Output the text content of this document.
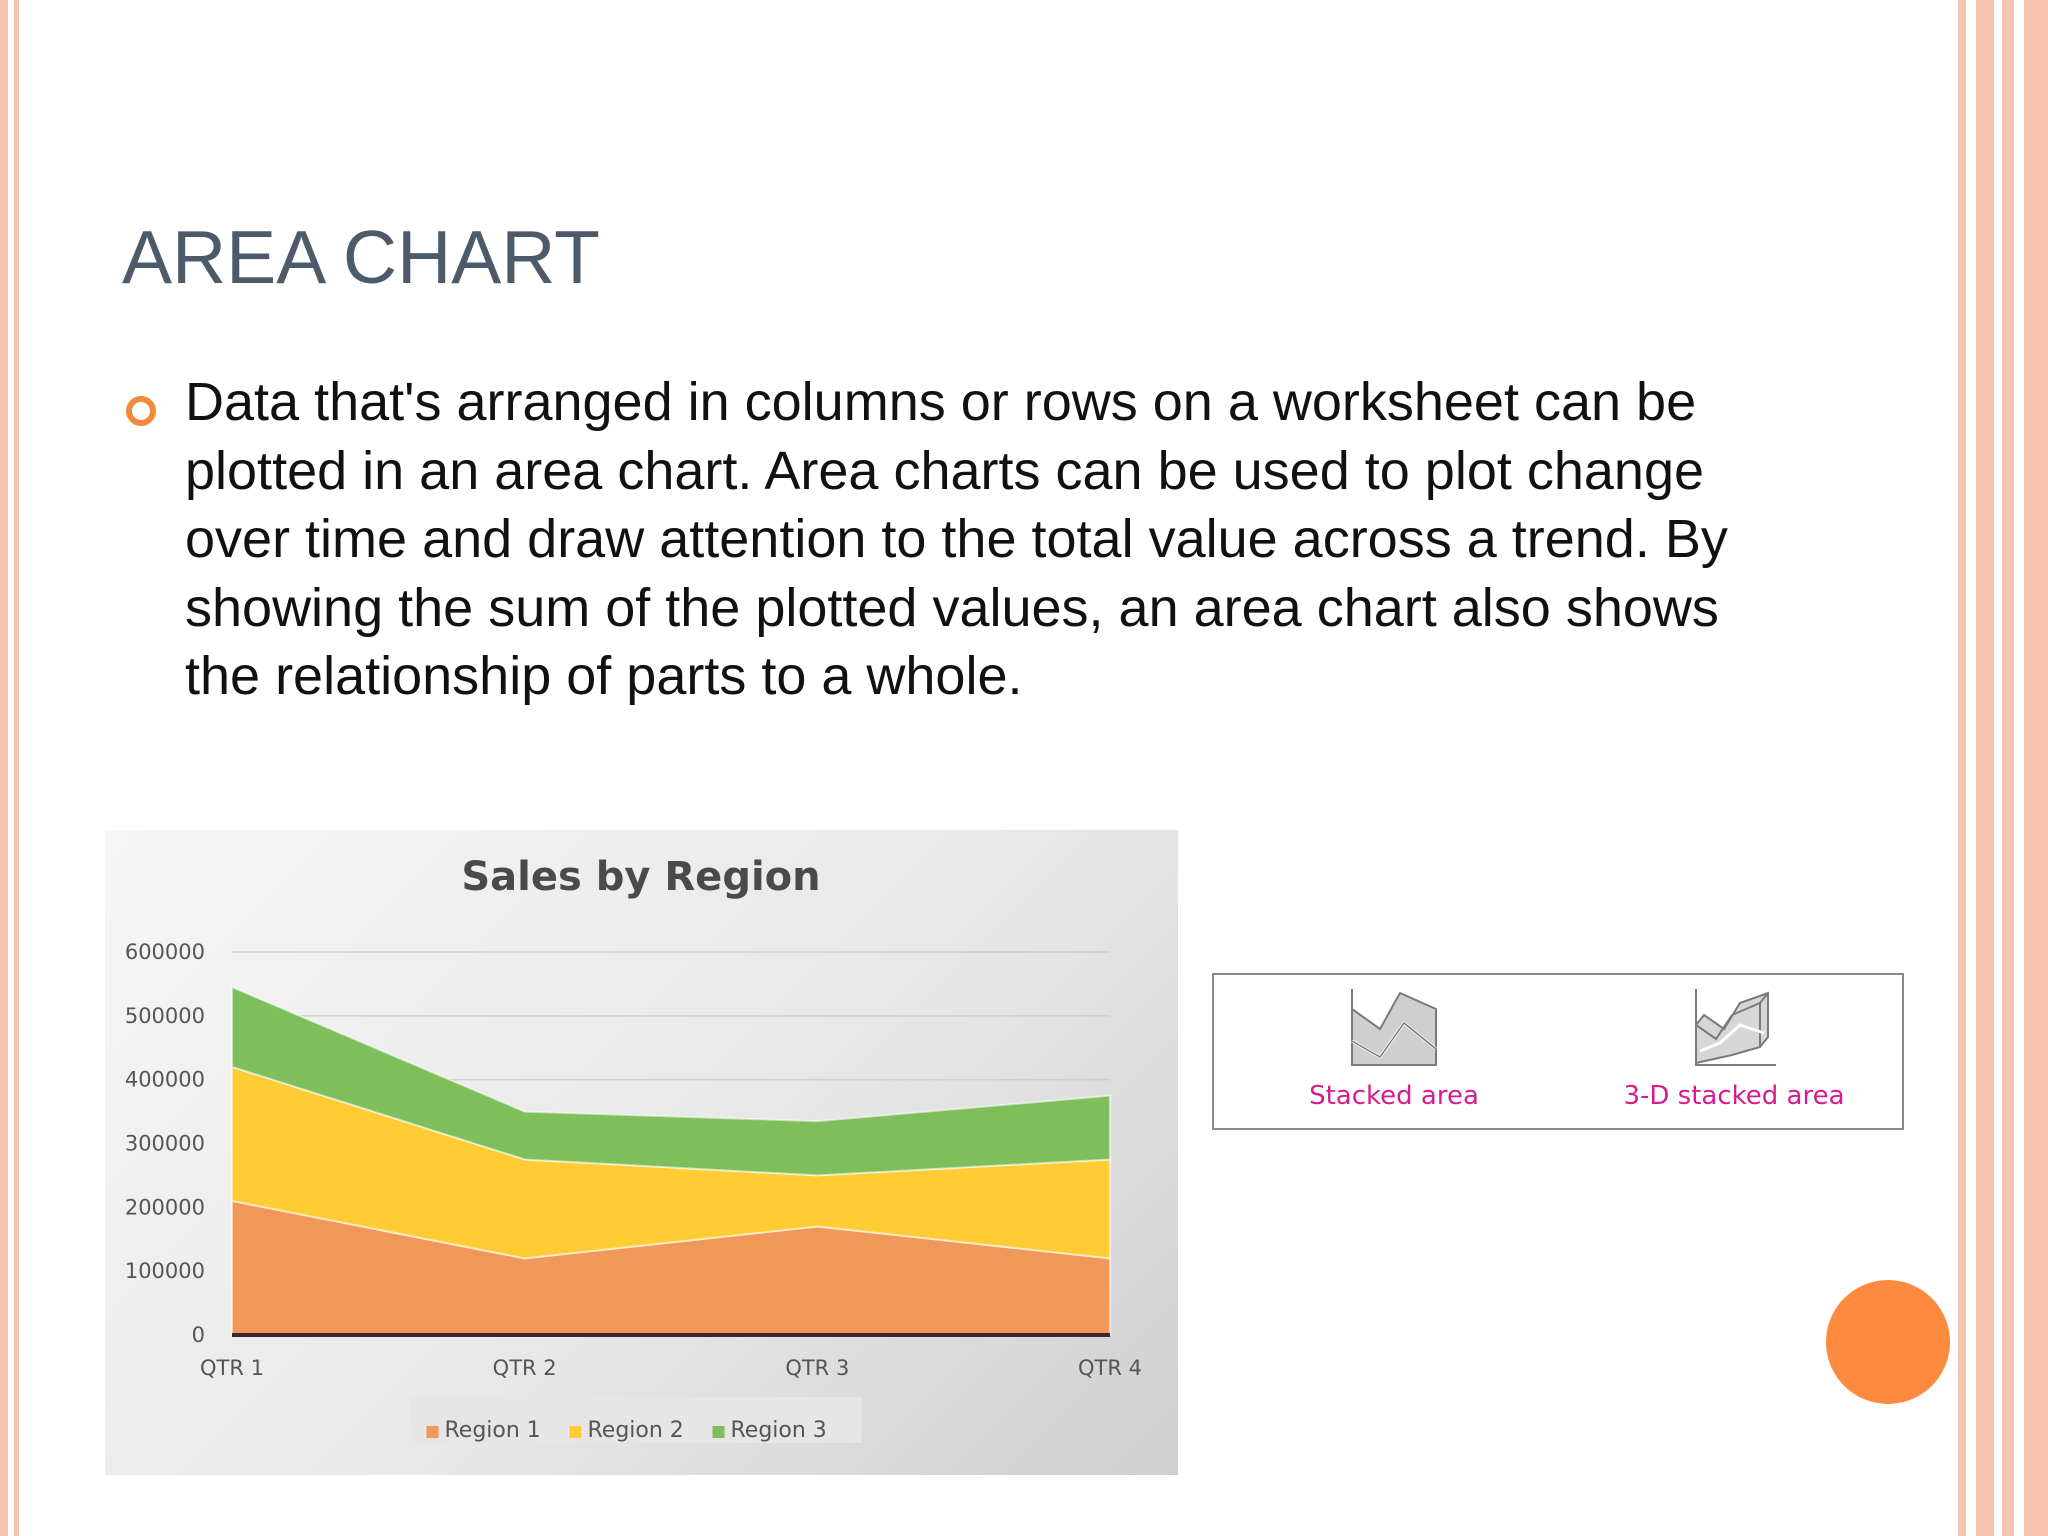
AREA CHART

Data that's arranged in columns or rows on a worksheet can be plotted in an area chart. Area charts can be used to plot change over time and draw attention to the total value across a trend. By showing the sum of the plotted values, an area chart also shows the relationship of parts to a whole.

Sales by Region
0
100000
200000
300000
400000
500000
600000
QTR 1	QTR 2	QTR 3	QTR 4
Region 1 Region 2 Region 3
Stacked area	3-D stacked area
